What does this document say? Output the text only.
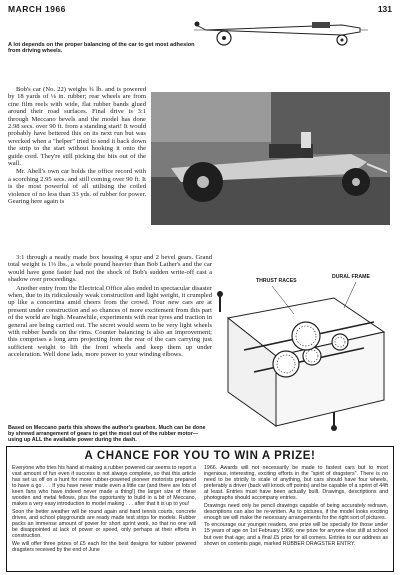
MARCH 1966	131
A lot depends on the proper balancing of the car to get most adhesion from driving wheels.

Bob's car (No. 22) weighs ¾ lb. and is powered by 18 yards of ⅛ in. rubber; rear wheels are from cine film reels with wide, flat rubber bands glued around their road surfaces. Final drive is 3:1 through Meccano bevels and the model has done 2.98 secs. over 90 ft. from a standing start! It would probably have bettered this on its next run but was wrecked when a "helper" tried to send it back down the strip to the start without hooking it onto the guide cord. They're still picking the bits out of the wall.

Mr. Abell's own car holds the office record with a scorching 2.95 secs. and still coming over 90 ft. It is the most powerful of all utilising the coiled violence of no less than 33 yds. of rubber for power. Gearing here again is

3:1 through a neatly made box housing 4 spur and 2 bevel gears. Grand total weight is 1⅓ lbs., a whole pound heavier than Bob Lather's and the car would have gone faster had not the shock of Bob's sudden write-off cast a shadow over proceedings.

Another entry from the Electrical Office also ended in spectacular disaster when, due to its ridiculously weak construction and light weight, it crumpled up like a concertina amid cheers from the crowd. Four new cars are at present under construction and so chances of more excitement from this part of the world are high. Meanwhile, experiments with rear tyres and traction in general are being carried out. The secret would seem to be very light wheels with rubber bands on the rims. Counter balancing is also an improvement; this comprises a long arm projecting from the rear of the cars carrying just sufficient weight to lift the front wheels and keep them up under acceleration. Well done lads, more power to your winding elbows.

THRUST RACES
DURAL FRAME
Based on Meccano parts this shows the author's gearbox. Much can be done by shrewd arrangement of gears to get the most out of the rubber motor—using up ALL the available power during the dash.
A CHANCE FOR YOU TO WIN A PRIZE!

Everyone who tries his hand at making a rubber powered car seems to report a vast amount of fun even if success is not always complete, so that this article has set us off on a hunt for more rubber-powered pioneer motorists prepared to have a go . . . If you have never made even a little car (and there are lots of keen fans who have indeed never made a thing!) the larger size of these wooden and metal fellows, plus the opportunity to build in a bit of Meccano, makes a very easy introduction to model making . . . after that it is up to you!

Soon the better weather will be round again and hard tennis courts, concrete drives, and school playgrounds are ready made test strips for models. Rubber packs an immense amount of power for short sprint work, so that no one will be disappointed at lack of power or speed, only perhaps at their efforts in construction.

We will offer three prizes of £5 each for the best designs for rubber powered dragsters received by the end of June

1966. Awards will not necessarily be made to fastest cars but to most ingenious, interesting, exciting efforts in the "spirit of dragsters". There is no need to be strictly to scale of anything, but cars should have four wheels, preferably a driver (back will knock off points) and be capable of a sprint of 44ft at least. Entries must have been actually built. Drawings, descriptions and photographs should accompany entries.

Drawings need only be pencil drawings capable of being accurately redrawn, descriptions can also be re-written. As to pictures, if the model looks exciting enough we will make the necessary arrangements for the right sort of pictures.

To encourage our younger readers, one prize will be specially for those under 15 years of age on 1st February 1966; one prize for anyone else still at school but over that age; and a final £5 prize for all comers. Entries to our address as shown on contents page, marked RUBBER DRAGSTER ENTRY.
